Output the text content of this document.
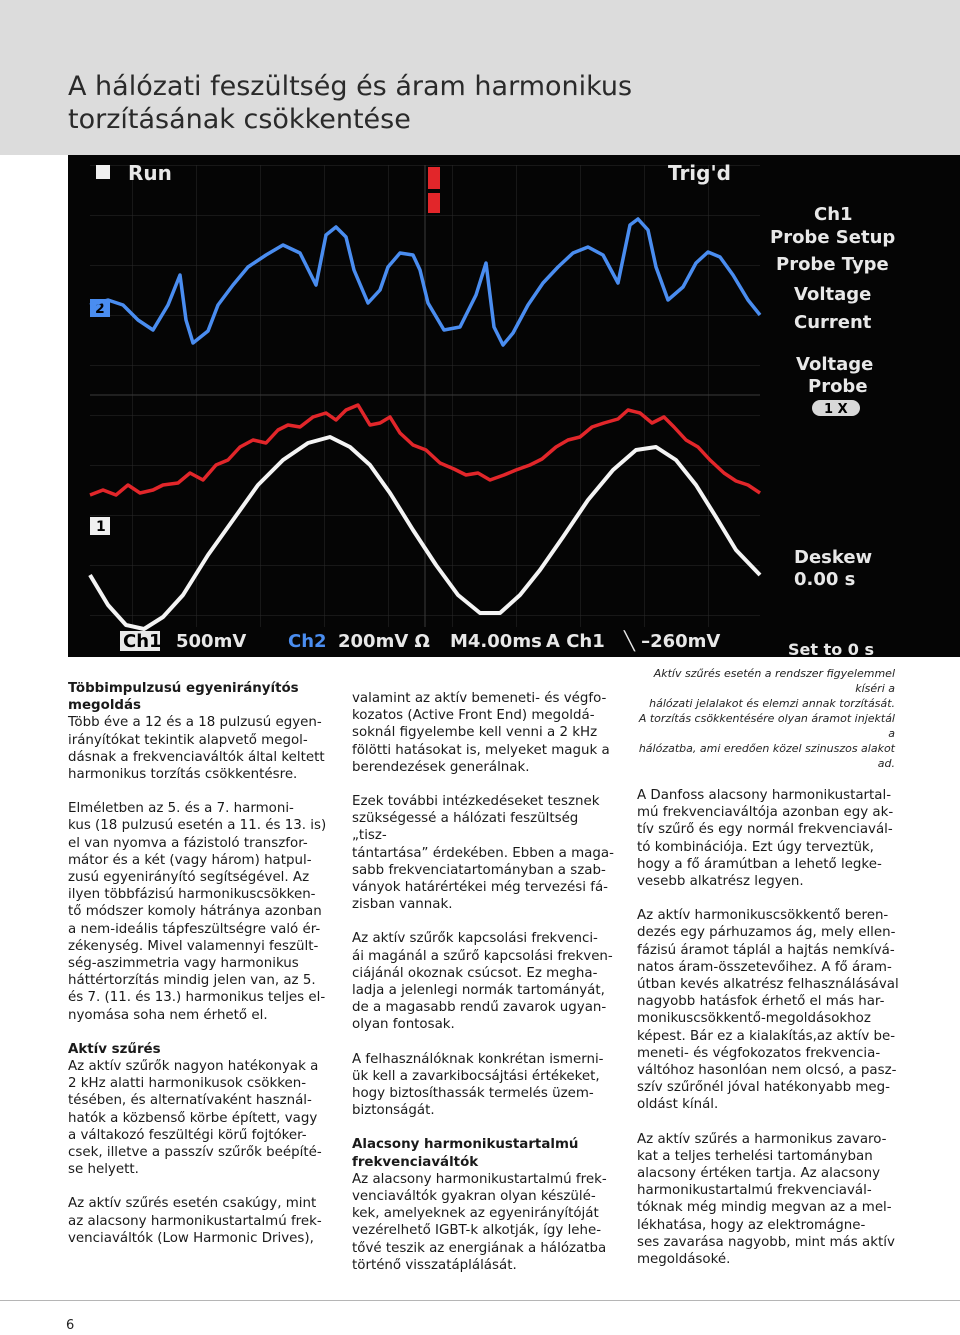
A hálózati feszültség és áram harmonikus
torzításának csökkentése
Run	Trig'd
2
1
Ch1
Probe Setup
Probe Type
Voltage
Current
Voltage
Probe
1 X
Deskew
0.00 s
Set to 0 s
Ch1 500mV Ch2 200mV Ω M4.00ms A Ch1 ╲ –260mV

Aktív szűrés esetén a rendszer figyelemmel kíséri a
hálózati jelalakot és elemzi annak torzítását.
A torzítás csökkentésére olyan áramot injektál a
hálózatba, ami eredően közel szinuszos alakot ad.

Többimpulzusú egyenirányítós
megoldás

Több éve a 12 és a 18 pulzusú egyen-
irányítókat tekintik alapvető megol-
dásnak a frekvenciaváltók által keltett
harmonikus torzítás csökkentésre.

Elméletben az 5. és a 7. harmoni-
kus (18 pulzusú esetén a 11. és 13. is)
el van nyomva a fázistoló transzfor-
mátor és a két (vagy három) hatpul-
zusú egyenirányító segítségével. Az
ilyen többfázisú harmonikuscsökken-
tő módszer komoly hátránya azonban
a nem-ideális tápfeszültségre való ér-
zékenység. Mivel valamennyi feszült-
ség-aszimmetria vagy harmonikus
háttértorzítás mindig jelen van, az 5.
és 7. (11. és 13.) harmonikus teljes el-
nyomása soha nem érhető el.

Aktív szűrés

Az aktív szűrők nagyon hatékonyak a
2 kHz alatti harmonikusok csökken-
tésében, és alternatívaként használ-
hatók a közbenső körbe épített, vagy
a váltakozó feszültégi körű fojtóker-
csek, illetve a passzív szűrők beépíté-
se helyett.

Az aktív szűrés esetén csakúgy, mint
az alacsony harmonikustartalmú frek-
venciaváltók (Low Harmonic Drives),

valamint az aktív bemeneti- és végfo-
kozatos (Active Front End) megoldá-
soknál figyelembe kell venni a 2 kHz
fölötti hatásokat is, melyeket maguk a
berendezések generálnak.

Ezek további intézkedéseket tesznek
szükségessé a hálózati feszültség „tisz-
tántartása” érdekében. Ebben a maga-
sabb frekvenciatartományban a szab-
ványok határértékei még tervezési fá-
zisban vannak.

Az aktív szűrők kapcsolási frekvenci-
ái magánál a szűrő kapcsolási frekven-
ciájánál okoznak csúcsot. Ez megha-
ladja a jelenlegi normák tartományát,
de a magasabb rendű zavarok ugyan-
olyan fontosak.

A felhasználóknak konkrétan ismerni-
ük kell a zavarkibocsájtási értékeket,
hogy biztosíthassák termelés üzem-
biztonságát.

Alacsony harmonikustartalmú
frekvenciaváltók

Az alacsony harmonikustartalmú frek-
venciaváltók gyakran olyan készülé-
kek, amelyeknek az egyenirányítóját
vezérelhető IGBT-k alkotják, így lehe-
tővé teszik az energiának a hálózatba
történő visszatáplálását.

A Danfoss alacsony harmonikustartal-
mú frekvenciaváltója azonban egy ak-
tív szűrő és egy normál frekvenciavál-
tó kombinációja. Ezt úgy terveztük,
hogy a fő áramútban a lehető legke-
vesebb alkatrész legyen.

Az aktív harmonikuscsökkentő beren-
dezés egy párhuzamos ág, mely ellen-
fázisú áramot táplál a hajtás nemkívá-
natos áram-összetevőihez. A fő áram-
útban kevés alkatrész felhasználásával
nagyobb hatásfok érhető el más har-
monikuscsökkentő-megoldásokhoz
képest. Bár ez a kialakítás,az aktív be-
meneti- és végfokozatos frekvencia-
váltóhoz hasonlóan nem olcsó, a pasz-
szív szűrőnél jóval hatékonyabb meg-
oldást kínál.

Az aktív szűrés a harmonikus zavaro-
kat a teljes terhelési tartományban
alacsony értéken tartja. Az alacsony
harmonikustartalmú frekvenciavál-
tóknak még mindig megvan az a mel-
lékhatása, hogy az elektromágne-
ses zavarása nagyobb, mint más aktív
megoldásoké.

6
